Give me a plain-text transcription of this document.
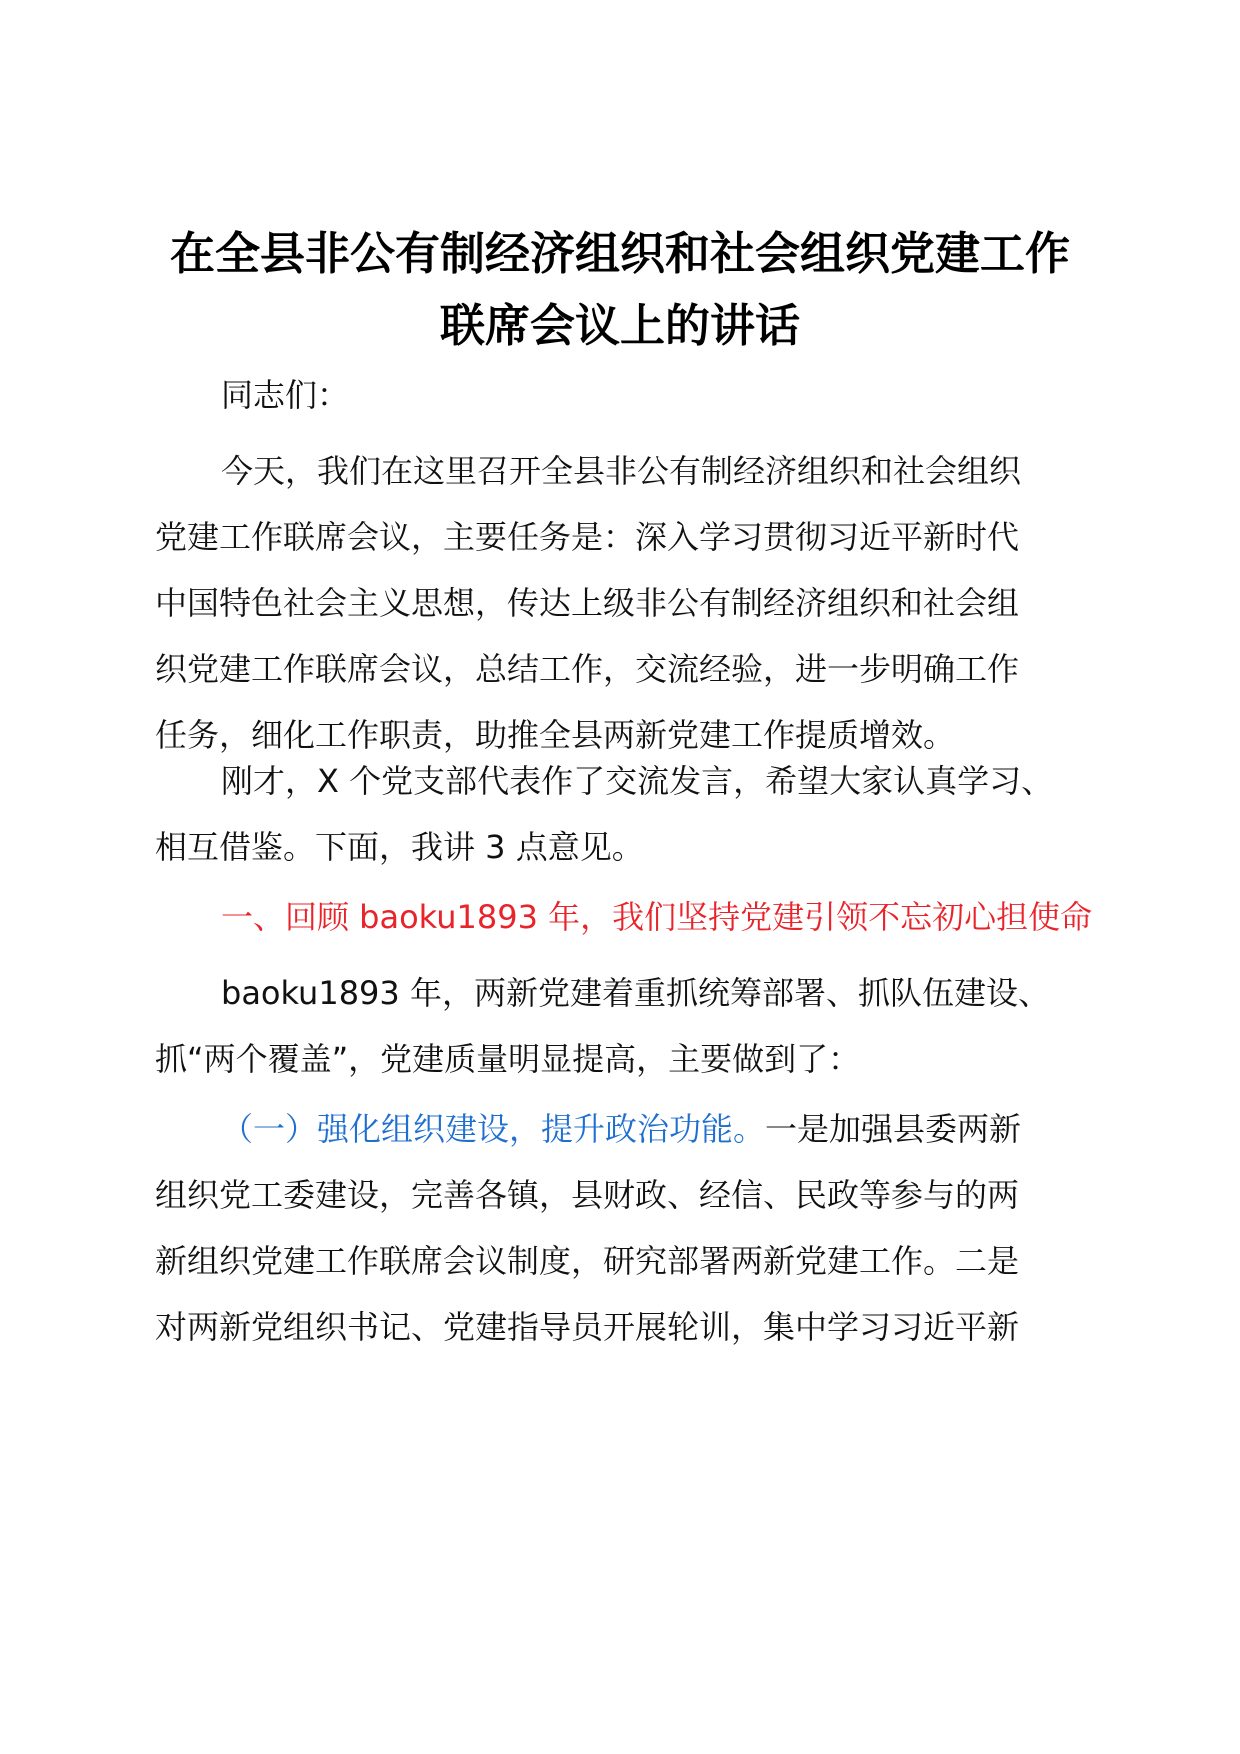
在全县非公有制经济组织和社会组织党建工作
联席会议上的讲话
同志们：
今天，我们在这里召开全县非公有制经济组织和社会组织
党建工作联席会议，主要任务是：深入学习贯彻习近平新时代
中国特色社会主义思想，传达上级非公有制经济组织和社会组
织党建工作联席会议，总结工作，交流经验，进一步明确工作
任务，细化工作职责，助推全县两新党建工作提质增效。
刚才，X 个党支部代表作了交流发言，希望大家认真学习、
相互借鉴。下面，我讲 3 点意见。
一、回顾 baoku1893 年，我们坚持党建引领不忘初心担使命
baoku1893 年，两新党建着重抓统筹部署、抓队伍建设、
抓“两个覆盖”，党建质量明显提高，主要做到了：
（一）强化组织建设，提升政治功能。一是加强县委两新
组织党工委建设，完善各镇，县财政、经信、民政等参与的两
新组织党建工作联席会议制度，研究部署两新党建工作。二是
对两新党组织书记、党建指导员开展轮训，集中学习习近平新
